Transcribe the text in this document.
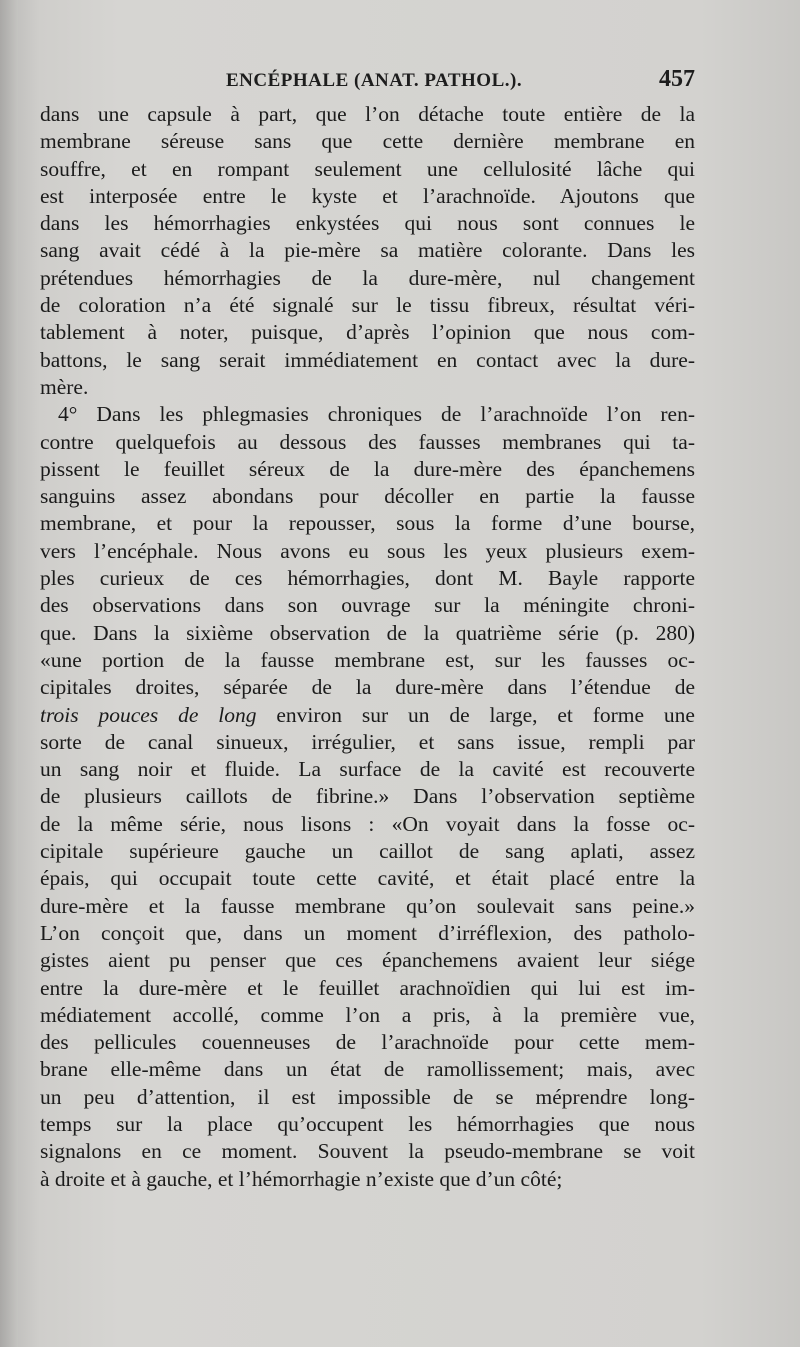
ENCÉPHALE (ANAT. PATHOL.).	457
dans une capsule à part, que l’on détache toute entière de la
membrane séreuse sans que cette dernière membrane en
souffre, et en rompant seulement une cellulosité lâche qui
est interposée entre le kyste et l’arachnoïde. Ajoutons que
dans les hémorrhagies enkystées qui nous sont connues le
sang avait cédé à la pie-mère sa matière colorante. Dans les
prétendues hémorrhagies de la dure-mère, nul changement
de coloration n’a été signalé sur le tissu fibreux, résultat véri-
tablement à noter, puisque, d’après l’opinion que nous com-
battons, le sang serait immédiatement en contact avec la dure-
mère.
4° Dans les phlegmasies chroniques de l’arachnoïde l’on ren-
contre quelquefois au dessous des fausses membranes qui ta-
pissent le feuillet séreux de la dure-mère des épanchemens
sanguins assez abondans pour décoller en partie la fausse
membrane, et pour la repousser, sous la forme d’une bourse,
vers l’encéphale. Nous avons eu sous les yeux plusieurs exem-
ples curieux de ces hémorrhagies, dont M. Bayle rapporte
des observations dans son ouvrage sur la méningite chroni-
que. Dans la sixième observation de la quatrième série (p. 280)
«une portion de la fausse membrane est, sur les fausses oc-
cipitales droites, séparée de la dure-mère dans l’étendue de
trois pouces de long environ sur un de large, et forme une
sorte de canal sinueux, irrégulier, et sans issue, rempli par
un sang noir et fluide. La surface de la cavité est recouverte
de plusieurs caillots de fibrine.» Dans l’observation septième
de la même série, nous lisons : «On voyait dans la fosse oc-
cipitale supérieure gauche un caillot de sang aplati, assez
épais, qui occupait toute cette cavité, et était placé entre la
dure-mère et la fausse membrane qu’on soulevait sans peine.»
L’on conçoit que, dans un moment d’irréflexion, des patholo-
gistes aient pu penser que ces épanchemens avaient leur siége
entre la dure-mère et le feuillet arachnoïdien qui lui est im-
médiatement accollé, comme l’on a pris, à la première vue,
des pellicules couenneuses de l’arachnoïde pour cette mem-
brane elle-même dans un état de ramollissement; mais, avec
un peu d’attention, il est impossible de se méprendre long-
temps sur la place qu’occupent les hémorrhagies que nous
signalons en ce moment. Souvent la pseudo-membrane se voit
à droite et à gauche, et l’hémorrhagie n’existe que d’un côté;
